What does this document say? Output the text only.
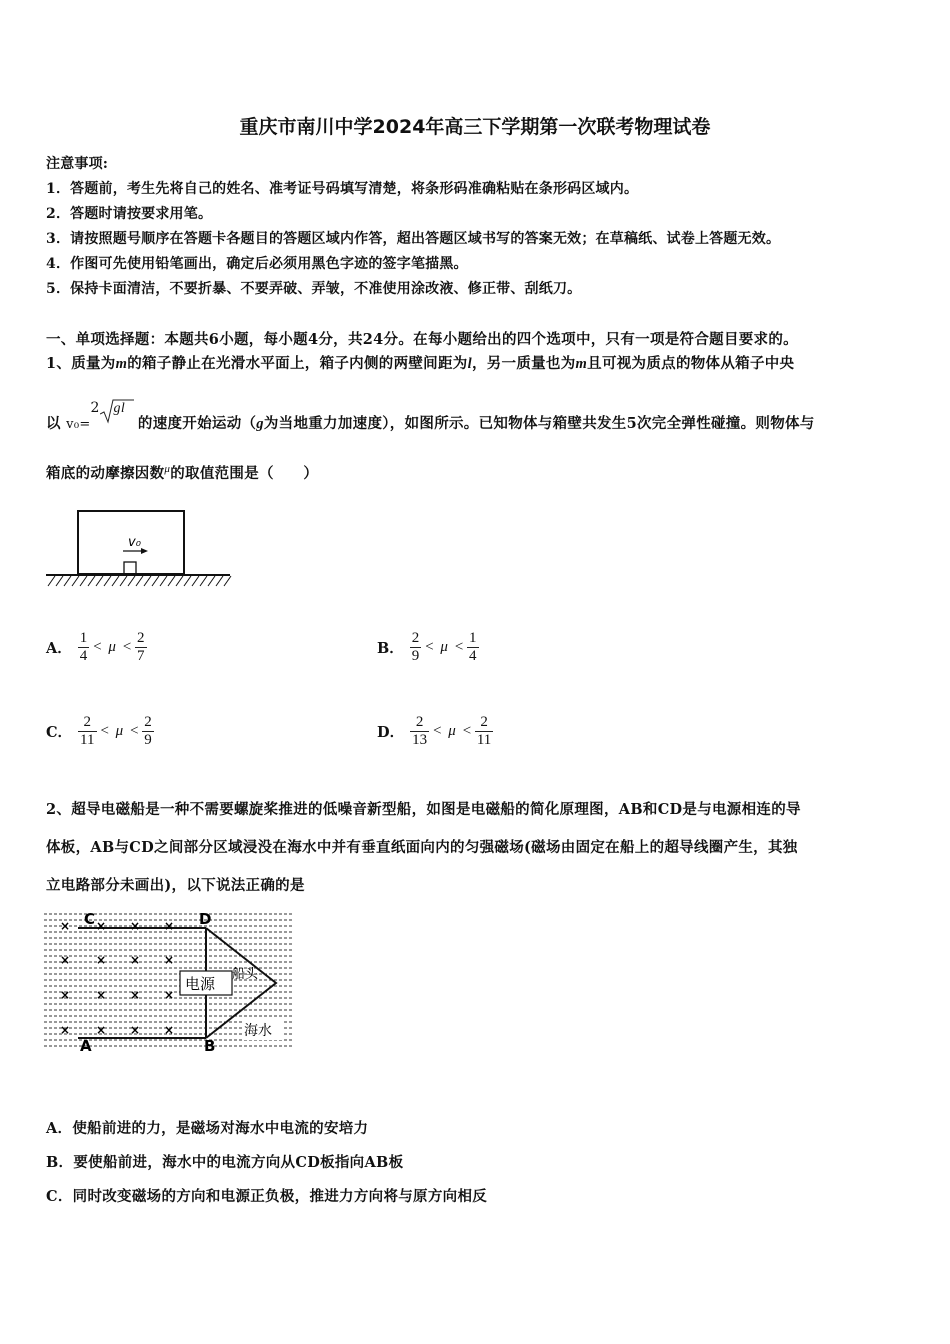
重庆市南川中学2024年高三下学期第一次联考物理试卷
注意事项:
1．答题前，考生先将自己的姓名、准考证号码填写清楚，将条形码准确粘贴在条形码区域内。
2．答题时请按要求用笔。
3．请按照题号顺序在答题卡各题目的答题区域内作答，超出答题区域书写的答案无效；在草稿纸、试卷上答题无效。
4．作图可先使用铅笔画出，确定后必须用黑色字迹的签字笔描黑。
5．保持卡面清洁，不要折暴、不要弄破、弄皱，不准使用涂改液、修正带、刮纸刀。
一、单项选择题：本题共6小题，每小题4分，共24分。在每小题给出的四个选项中，只有一项是符合题目要求的。
1、质量为m的箱子静止在光滑水平面上，箱子内侧的两壁间距为l，另一质量也为m且可视为质点的物体从箱子中央
以 v₀=
2 gl
的速度开始运动（g为当地重力加速度），如图所示。已知物体与箱壁共发生5次完全弹性碰撞。则物体与
箱底的动摩擦因数$^\mu$的取值范围是（　　）
v₀
A． $\frac{1}{4} < \mu < \frac{2}{7}$	B． $\frac{2}{9} < \mu < \frac{1}{4}$
C． $\frac{2}{11} < \mu < \frac{2}{9}$	D． $\frac{2}{13} < \mu < \frac{2}{11}$
2、超导电磁船是一种不需要螺旋桨推进的低噪音新型船，如图是电磁船的简化原理图，AB和CD是与电源相连的导
体板，AB与CD之间部分区域浸没在海水中并有垂直纸面向内的匀强磁场(磁场由固定在船上的超导线圈产生，其独
立电路部分未画出)，以下说法正确的是
电源
船头
海水
× × × ×
× × × ×
× × × ×
× × × ×
C	D
A	B
A．使船前进的力，是磁场对海水中电流的安培力
B．要使船前进，海水中的电流方向从CD板指向AB板
C．同时改变磁场的方向和电源正负极，推进力方向将与原方向相反
